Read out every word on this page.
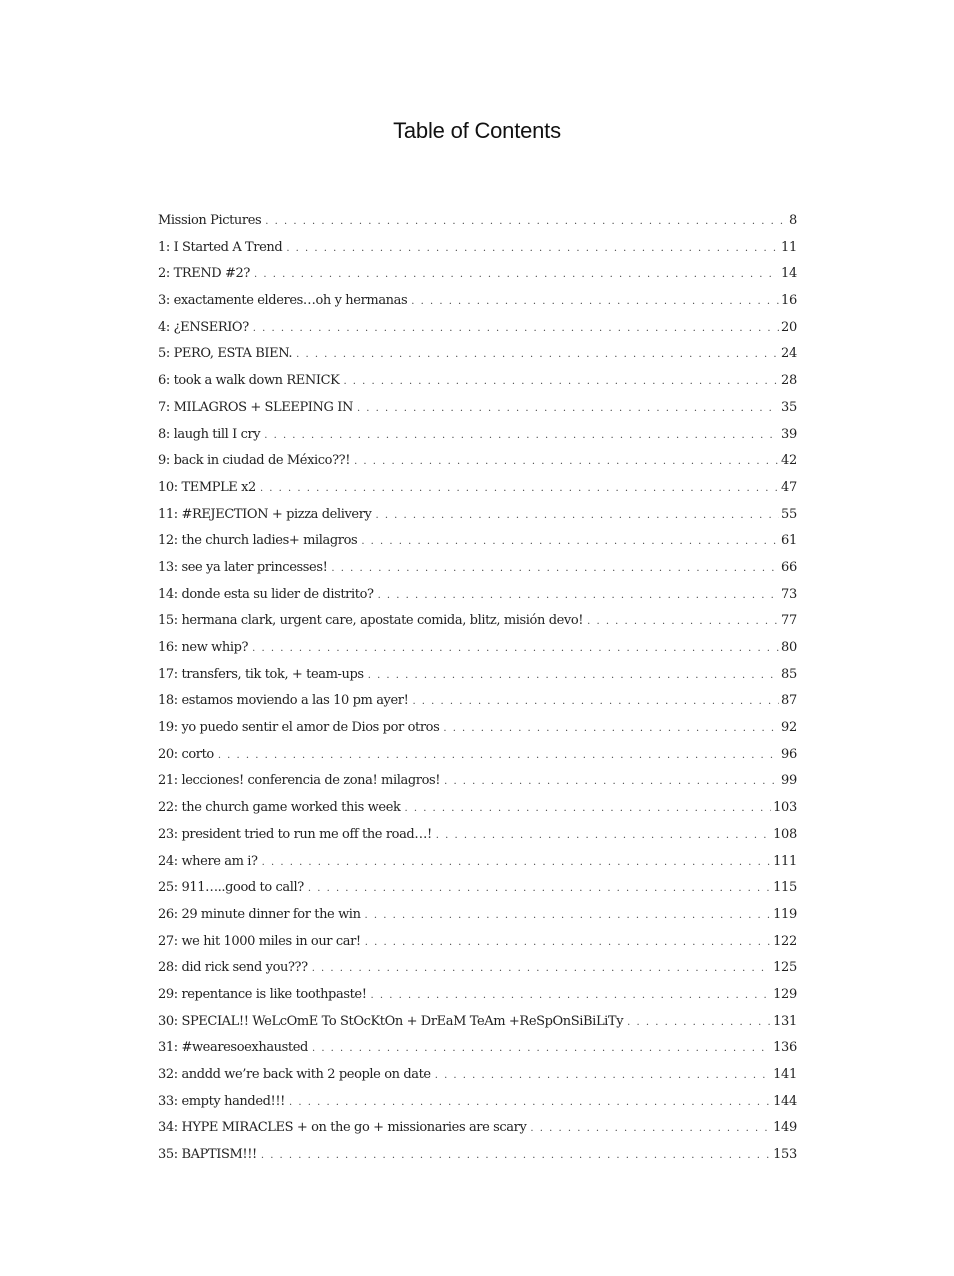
Table of Contents
Mission Pictures . . .	8
1: I Started A Trend . . .	11
2: TREND #2? . . .	14
3: exactamente elderes…oh y hermanas . . .	16
4: ¿ENSERIÓ? . . .	20
5: PERO, ESTA BIEN. . . .	24
6: took a walk down RENICK . . .	28
7: MILAGROS + SLEEPING IN . . .	35
8: laugh till I cry . . .	39
9: back in ciudad de México??! . . .	42
10: TEMPLE x2 . . .	47
11: #REJECTION + pizza delivery . . .	55
12: the church ladies+ milagros . . .	61
13: see ya later princesses! . . .	66
14: donde esta su lider de distrito? . . .	73
15: hermana clark, urgent care, apostate comida, blitz, misión devo! . . .	77
16: new whip? . . .	80
17: transfers, tik tok, + team-ups . . .	85
18: estamos moviendo a las 10 pm ayer! . . .	87
19: yo puedo sentir el amor de Dios por otros . . .	92
20: corto . . .	96
21: lecciones! conferencia de zona! milagros! . . .	99
22: the church game worked this week . . .	103
23: president tried to run me off the road…! . . .	108
24: where am i? . . .	111
25: 911…..good to call? . . .	115
26: 29 minute dinner for the win . . .	119
27: we hit 1000 miles in our car! . . .	122
28: did rick send you??? . . .	125
29: repentance is like toothpaste! . . .	129
30: SPECIAL!! WeLcOmE To StOcKtOn + DrEaM TeAm +ReSpOnSiBiLiTy . . .	131
31: #wearesoexhausted . . .	136
32: anddd we’re back with 2 people on date . . .	141
33: empty handed!!! . . .	144
34: HYPE MIRACLES + on the go + missionaries are scary . . .	149
35: BAPTISM!!! . . .	153
